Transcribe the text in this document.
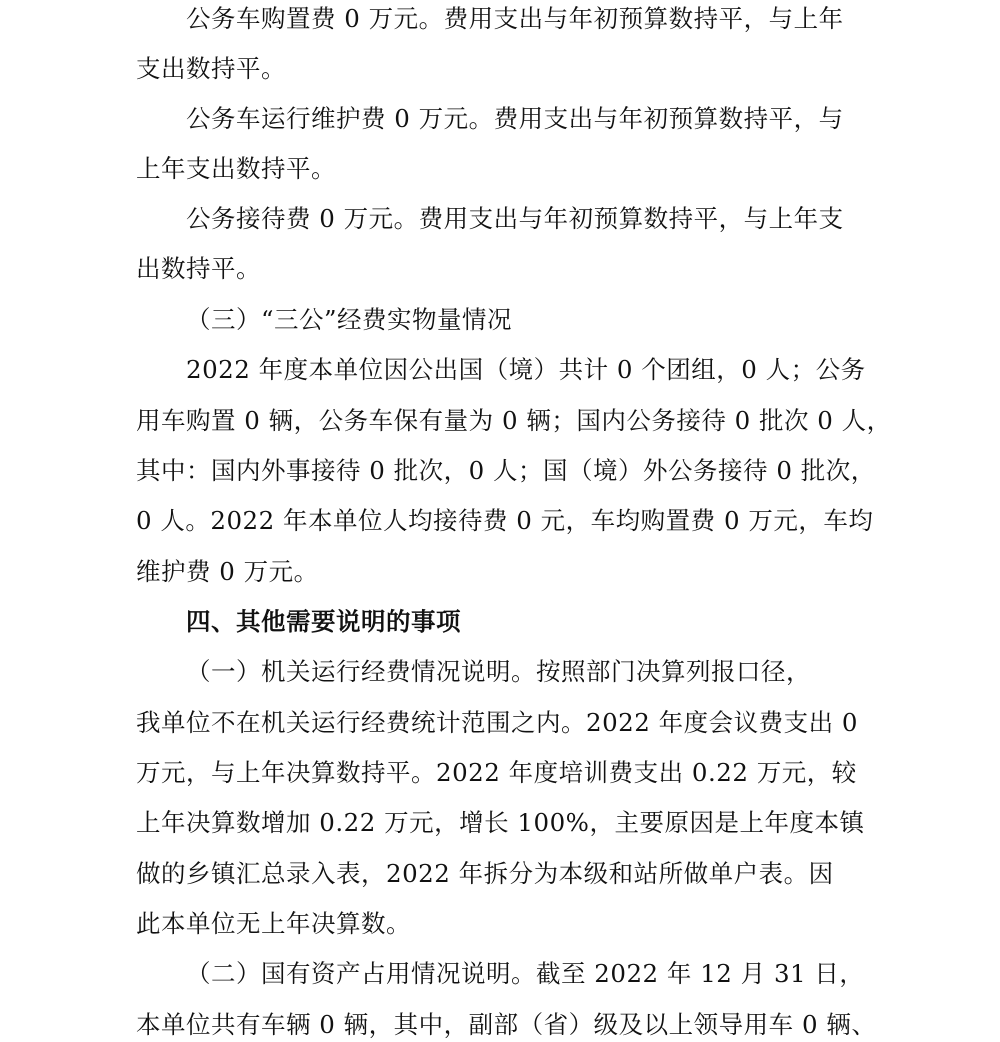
公务车购置费 0 万元。费用支出与年初预算数持平，与上年
支出数持平。
公务车运行维护费 0 万元。费用支出与年初预算数持平，与
上年支出数持平。
公务接待费 0 万元。费用支出与年初预算数持平，与上年支
出数持平。
（三）“三公”经费实物量情况
2022 年度本单位因公出国（境）共计 0 个团组，0 人；公务
用车购置 0 辆，公务车保有量为 0 辆；国内公务接待 0 批次 0 人，
其中：国内外事接待 0 批次，0 人；国（境）外公务接待 0 批次，
0 人。2022 年本单位人均接待费 0 元，车均购置费 0 万元，车均
维护费 0 万元。
四、其他需要说明的事项
（一）机关运行经费情况说明。按照部门决算列报口径，
我单位不在机关运行经费统计范围之内。2022 年度会议费支出 0
万元，与上年决算数持平。2022 年度培训费支出 0.22 万元，较
上年决算数增加 0.22 万元，增长 100%，主要原因是上年度本镇
做的乡镇汇总录入表，2022 年拆分为本级和站所做单户表。因
此本单位无上年决算数。
（二）国有资产占用情况说明。截至 2022 年 12 月 31 日，
本单位共有车辆 0 辆，其中，副部（省）级及以上领导用车 0 辆、
